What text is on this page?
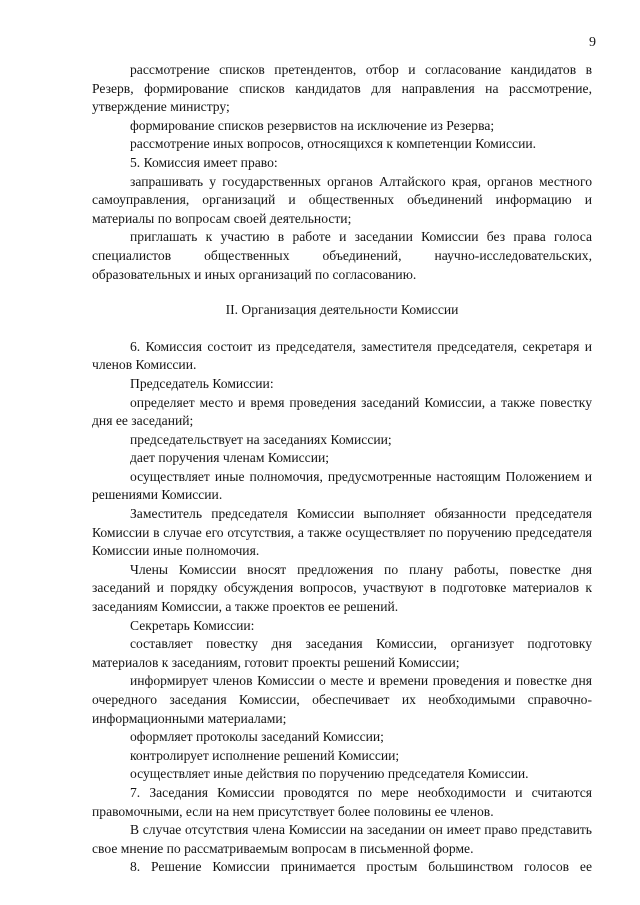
9

рассмотрение списков претендентов, отбор и согласование кандидатов в Резерв, формирование списков кандидатов для направления на рассмотрение, утверждение министру;

формирование списков резервистов на исключение из Резерва;

рассмотрение иных вопросов, относящихся к компетенции Комиссии.

5. Комиссия имеет право:

запрашивать у государственных органов Алтайского края, органов местного самоуправления, организаций и общественных объединений информацию и материалы по вопросам своей деятельности;

приглашать к участию в работе и заседании Комиссии без права голоса специалистов общественных объединений, научно-исследовательских, образовательных и иных организаций по согласованию.

II. Организация деятельности Комиссии

6. Комиссия состоит из председателя, заместителя председателя, секретаря и членов Комиссии.

Председатель Комиссии:

определяет место и время проведения заседаний Комиссии, а также повестку дня ее заседаний;

председательствует на заседаниях Комиссии;

дает поручения членам Комиссии;

осуществляет иные полномочия, предусмотренные настоящим Положением и решениями Комиссии.

Заместитель председателя Комиссии выполняет обязанности председателя Комиссии в случае его отсутствия, а также осуществляет по поручению председателя Комиссии иные полномочия.

Члены Комиссии вносят предложения по плану работы, повестке дня заседаний и порядку обсуждения вопросов, участвуют в подготовке материалов к заседаниям Комиссии, а также проектов ее решений.

Секретарь Комиссии:

составляет повестку дня заседания Комиссии, организует подготовку материалов к заседаниям, готовит проекты решений Комиссии;

информирует членов Комиссии о месте и времени проведения и повестке дня очередного заседания Комиссии, обеспечивает их необходимыми справочно-информационными материалами;

оформляет протоколы заседаний Комиссии;

контролирует исполнение решений Комиссии;

осуществляет иные действия по поручению председателя Комиссии.

7. Заседания Комиссии проводятся по мере необходимости и считаются правомочными, если на нем присутствует более половины ее членов.

В случае отсутствия члена Комиссии на заседании он имеет право представить свое мнение по рассматриваемым вопросам в письменной форме.

8. Решение Комиссии принимается простым большинством голосов ее
